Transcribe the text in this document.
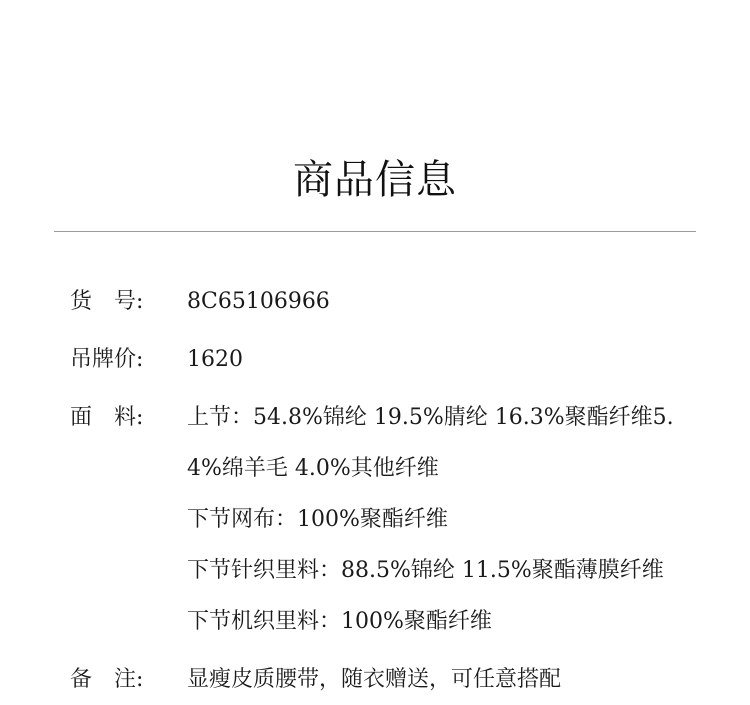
商品信息
货　号:	8C65106966
吊牌价:	1620
面　料:	上节：54.8%锦纶 19.5%腈纶 16.3%聚酯纤维5.
4%绵羊毛 4.0%其他纤维
下节网布：100%聚酯纤维
下节针织里料：88.5%锦纶 11.5%聚酯薄膜纤维
下节机织里料：100%聚酯纤维
备　注:	显瘦皮质腰带，随衣赠送，可任意搭配
